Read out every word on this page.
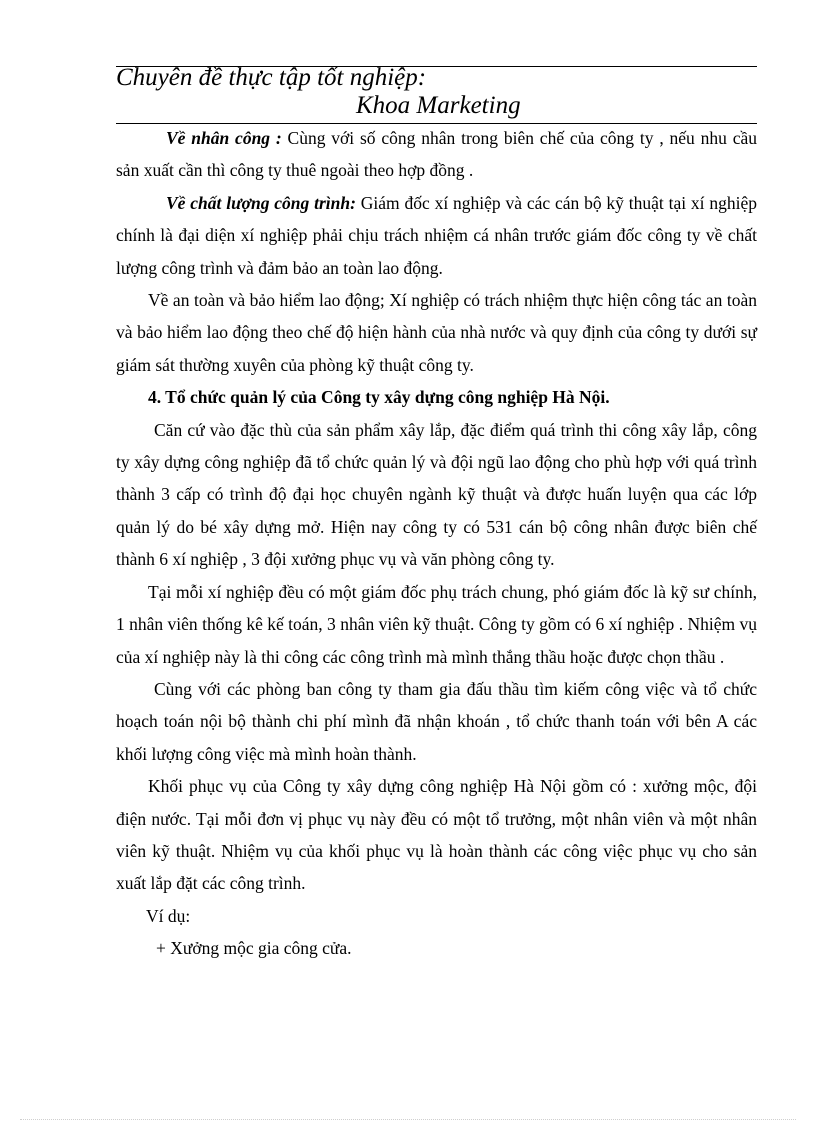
Chuyên đề thực tập tốt nghiệp:
Khoa Marketing

Về nhân công : Cùng với số công nhân trong biên chế của công ty , nếu nhu cầu sản xuất cần thì công ty thuê ngoài theo hợp đồng .

Về chất lượng công trình: Giám đốc xí nghiệp và các cán bộ kỹ thuật tại xí nghiệp chính là đại diện xí nghiệp phải chịu trách nhiệm cá nhân trước giám đốc công ty về chất lượng công trình và đảm bảo an toàn lao động.

Về an toàn và bảo hiểm lao động; Xí nghiệp có trách nhiệm thực hiện công tác an toàn và bảo hiểm lao động theo chế độ hiện hành của nhà nước và quy định của công ty dưới sự giám sát thường xuyên của phòng kỹ thuật công ty.

4. Tổ chức quản lý của Công ty xây dựng công nghiệp Hà Nội.

Căn cứ vào đặc thù của sản phẩm xây lắp, đặc điểm quá trình thi công xây lắp, công ty xây dựng công nghiệp đã tổ chức quản lý và đội ngũ lao động cho phù hợp với quá trình thành 3 cấp có trình độ đại học chuyên ngành kỹ thuật và được huấn luyện qua các lớp quản lý do bé xây dựng mở. Hiện nay công ty có 531 cán bộ công nhân được biên chế thành 6 xí nghiệp , 3 đội xưởng phục vụ và văn phòng công ty.

Tại mỗi xí nghiệp đều có một giám đốc phụ trách chung, phó giám đốc là kỹ sư chính, 1 nhân viên thống kê kế toán, 3 nhân viên kỹ thuật. Công ty gồm có 6 xí nghiệp . Nhiệm vụ của xí nghiệp này là thi công các công trình mà mình thắng thầu hoặc được chọn thầu .

Cùng với các phòng ban công ty tham gia đấu thầu tìm kiếm công việc và tổ chức hoạch toán nội bộ thành chi phí mình đã nhận khoán , tổ chức thanh toán với bên A các khối lượng công việc mà mình hoàn thành.

Khối phục vụ của Công ty xây dựng công nghiệp Hà Nội gồm có : xưởng mộc, đội điện nước. Tại mỗi đơn vị phục vụ này đều có một tổ trưởng, một nhân viên và một nhân viên kỹ thuật. Nhiệm vụ của khối phục vụ là hoàn thành các công việc phục vụ cho sản xuất lắp đặt các công trình.

Ví dụ:

+ Xưởng mộc gia công cửa.
